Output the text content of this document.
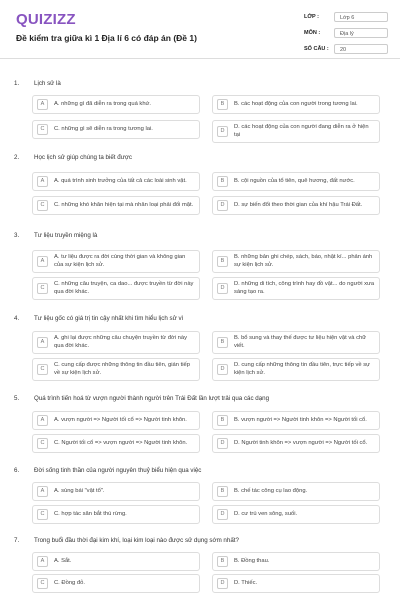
QUIZIZZ
Đề kiểm tra giữa kì 1 Địa lí 6 có đáp án (Đề 1)
LỚP :	Lớp 6
MÔN :	Địa lý
SỐ CÂU :	20
1. Lịch sử là
A	A. những gì đã diễn ra trong quá khứ.	B	B. các hoạt động của con người trong tương lai.
C	C. những gì sẽ diễn ra trong tương lai.	D
D. các hoạt động của con người đang diễn ra ở hiện tại
2. Học lịch sử giúp chúng ta biết được
A	A. quá trình sinh trưởng của tất cả các loài sinh vật.	B	B. cội nguồn của tổ tiên, quê hương, đất nước.
C	C. những khó khăn hiện tại mà nhân loại phải đối mặt.	D	D. sự biến đổi theo thời gian của khí hậu Trái Đất.
3. Tư liệu truyền miệng là
A
A. tư liệu được ra đời cùng thời gian và không gian của sự kiện lịch sử.
B
B. những bản ghi chép, sách, báo, nhật kí... phản ánh sự kiện lịch sử.
C
C. những câu truyện, ca dao... được truyền từ đời này qua đời khác.
D
D. những di tích, công trình hay đồ vật... do người xưa sáng tạo ra.
4. Tư liệu gốc có giá trị tin cậy nhất khi tìm hiểu lịch sử vì
A
A. ghi lại được những câu chuyện truyền từ đời này qua đời khác.
B
B. bổ sung và thay thế được tư liệu hiện vật và chữ viết.
C
C. cung cấp được những thông tin đầu tiên, gián tiếp về sự kiện lịch sử.
D
D. cung cấp những thông tin đầu tiên, trực tiếp về sự kiện lịch sử.
5. Quá trình tiến hoá từ vượn người thành người trên Trái Đất lần lượt trải qua các dạng
A	A. vượn người => Người tối cổ => Người tinh khôn.	B	B. vượn người => Người tinh khôn => Người tối cổ.
C	C. Người tối cổ => vượn người => Người tinh khôn.	D	D. Người tinh khôn => vượn người => Người tối cổ.
6. Đời sống tinh thần của người nguyên thuỷ biểu hiện qua việc
A	A. sùng bái "vật tổ".	B	B. chế tác công cụ lao động.
C	C. hợp tác săn bắt thú rừng.	D	D. cư trú ven sông, suối.
7. Trong buổi đầu thời đại kim khí, loại kim loại nào được sử dụng sớm nhất?
A	A. Sắt.	B	B. Đồng thau.
C	C. Đồng đỏ.	D	D. Thiếc.
